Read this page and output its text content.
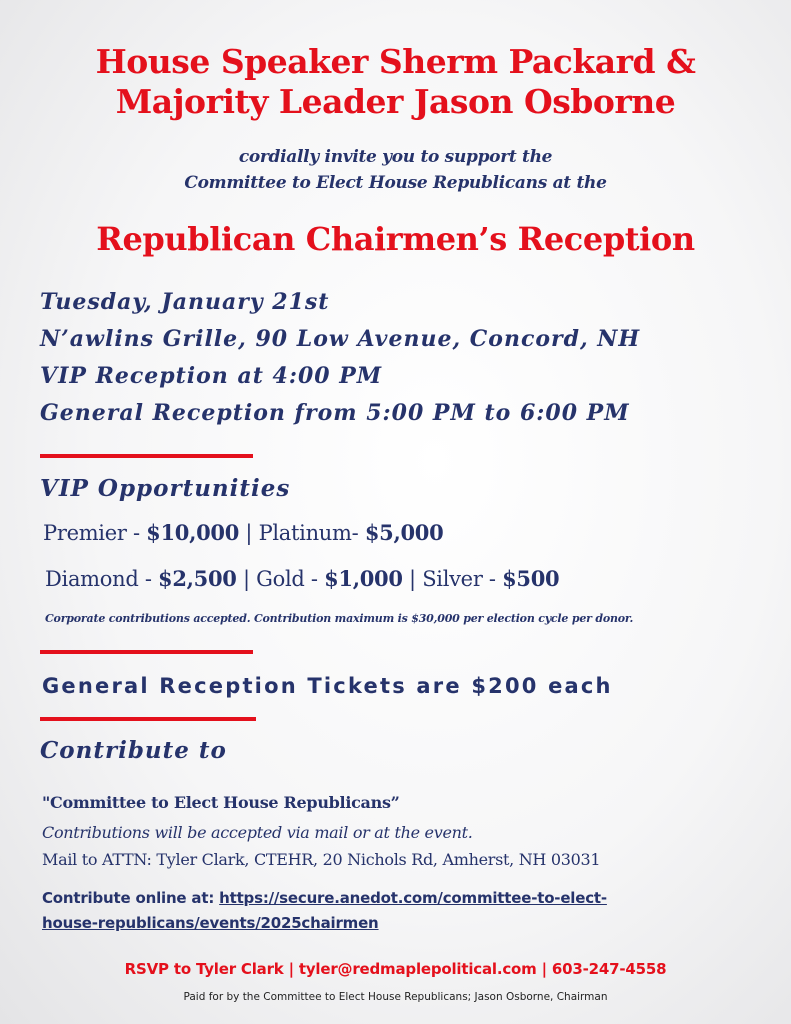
House Speaker Sherm Packard &
Majority Leader Jason Osborne
cordially invite you to support the
Committee to Elect House Republicans at the
Republican Chairmen’s Reception
Tuesday, January 21st
N’awlins Grille, 90 Low Avenue, Concord, NH
VIP Reception at 4:00 PM
General Reception from 5:00 PM to 6:00 PM
VIP Opportunities
Premier - $10,000 | Platinum- $5,000
Diamond - $2,500 | Gold - $1,000 | Silver - $500
Corporate contributions accepted. Contribution maximum is $30,000 per election cycle per donor.
General Reception Tickets are $200 each
Contribute to
"Committee to Elect House Republicans”
Contributions will be accepted via mail or at the event.
Mail to ATTN: Tyler Clark, CTEHR, 20 Nichols Rd, Amherst, NH 03031
Contribute online at: https://secure.anedot.com/committee-to-elect-
house-republicans/events/2025chairmen
RSVP to Tyler Clark | tyler@redmaplepolitical.com | 603-247-4558
Paid for by the Committee to Elect House Republicans; Jason Osborne, Chairman
